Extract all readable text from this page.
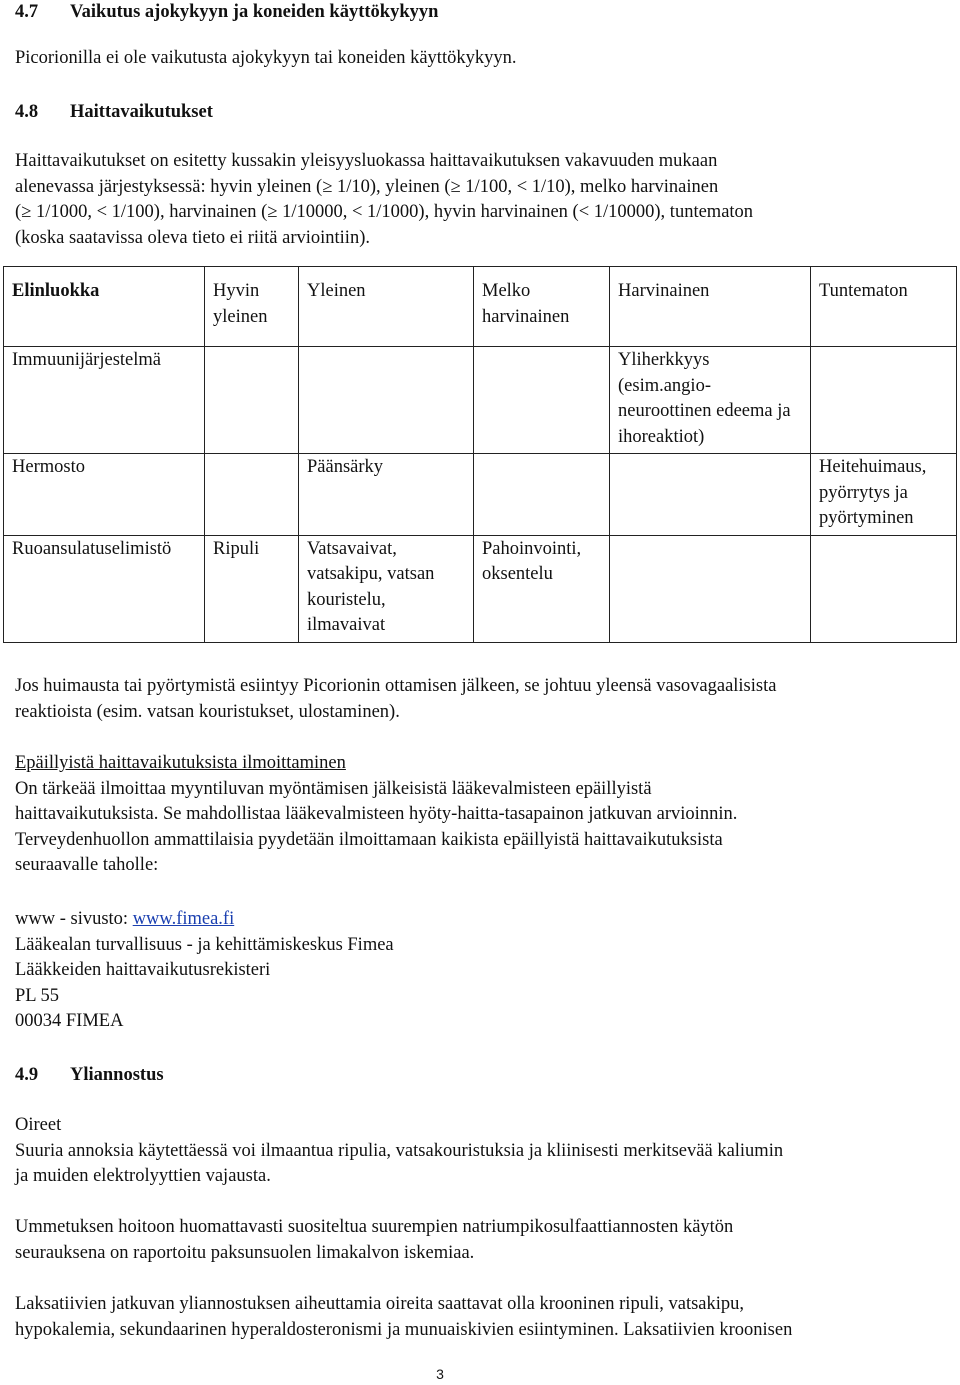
4.7 Vaikutus ajokykyyn ja koneiden käyttökykyyn
Picorionilla ei ole vaikutusta ajokykyyn tai koneiden käyttökykyyn.
4.8 Haittavaikutukset
Haittavaikutukset on esitetty kussakin yleisyysluokassa haittavaikutuksen vakavuuden mukaan
alenevassa järjestyksessä: hyvin yleinen (≥ 1/10), yleinen (≥ 1/100, < 1/10), melko harvinainen
(≥ 1/1000, < 1/100), harvinainen (≥ 1/10000, < 1/1000), hyvin harvinainen (< 1/10000), tuntematon
(koska saatavissa oleva tieto ei riitä arviointiin).
Elinluokka	Hyvin yleinen	Yleinen	Melko harvinainen	Harvinainen	Tuntematon
Immuunijärjestelmä				Yliherkkyys (esim.angio-neuroottinen edeema ja ihoreaktiot)	
Hermosto		Päänsärky			Heitehuimaus, pyörrytys ja pyörtyminen
Ruoansulatuselimistö	Ripuli	Vatsavaivat, vatsakipu, vatsan kouristelu, ilmavaivat	Pahoinvointi, oksentelu		
Jos huimausta tai pyörtymistä esiintyy Picorionin ottamisen jälkeen, se johtuu yleensä vasovagaalisista
reaktioista (esim. vatsan kouristukset, ulostaminen).
Epäillyistä haittavaikutuksista ilmoittaminen
On tärkeää ilmoittaa myyntiluvan myöntämisen jälkeisistä lääkevalmisteen epäillyistä
haittavaikutuksista. Se mahdollistaa lääkevalmisteen hyöty-haitta-tasapainon jatkuvan arvioinnin.
Terveydenhuollon ammattilaisia pyydetään ilmoittamaan kaikista epäillyistä haittavaikutuksista
seuraavalle taholle:
www - sivusto: www.fimea.fi
Lääkealan turvallisuus - ja kehittämiskeskus Fimea
Lääkkeiden haittavaikutusrekisteri
PL 55
00034 FIMEA
4.9 Yliannostus
Oireet
Suuria annoksia käytettäessä voi ilmaantua ripulia, vatsakouristuksia ja kliinisesti merkitsevää kaliumin
ja muiden elektrolyyttien vajausta.
Ummetuksen hoitoon huomattavasti suositeltua suurempien natriumpikosulfaattiannosten käytön
seurauksena on raportoitu paksunsuolen limakalvon iskemiaa.
Laksatiivien jatkuvan yliannostuksen aiheuttamia oireita saattavat olla krooninen ripuli, vatsakipu,
hypokalemia, sekundaarinen hyperaldosteronismi ja munuaiskivien esiintyminen. Laksatiivien kroonisen
3
